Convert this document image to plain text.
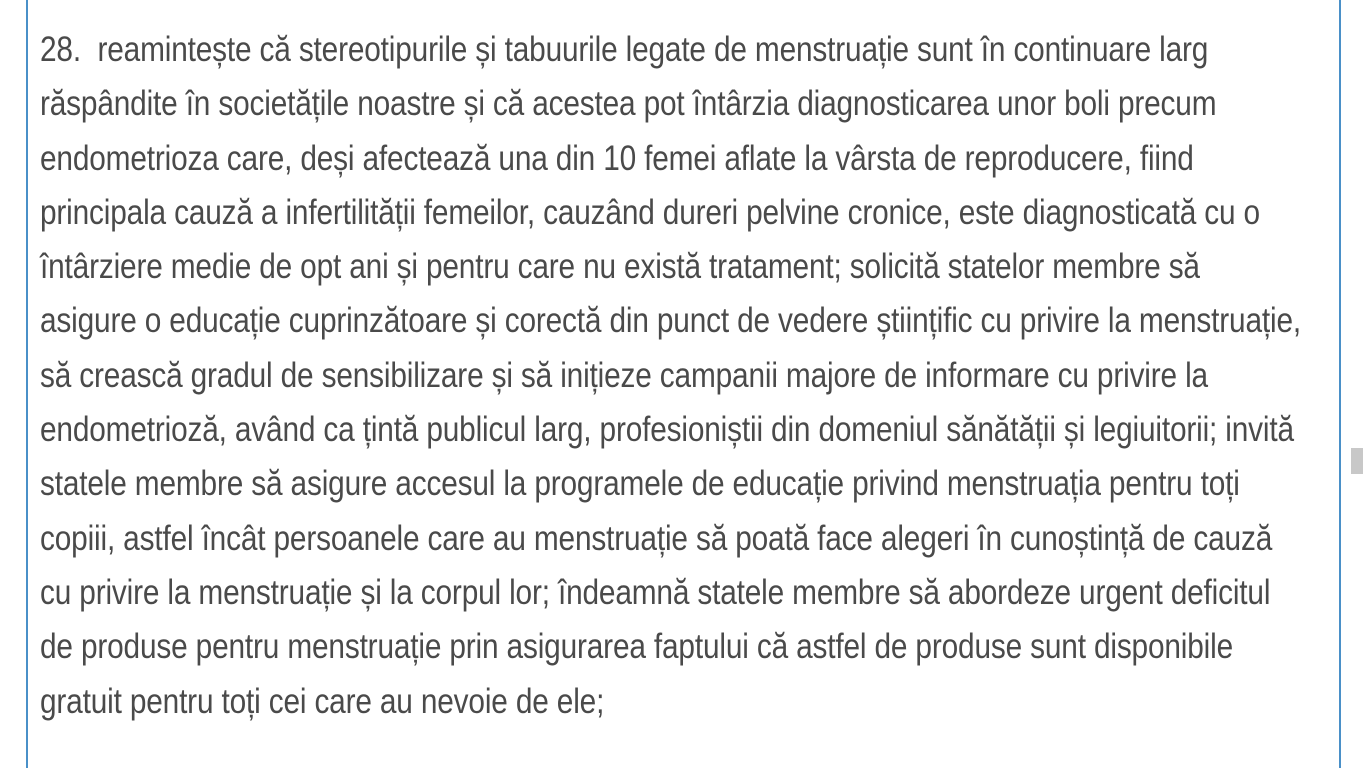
28. reamintește că stereotipurile și tabuurile legate de menstruație sunt în continuare larg
răspândite în societățile noastre și că acestea pot întârzia diagnosticarea unor boli precum
endometrioza care, deși afectează una din 10 femei aflate la vârsta de reproducere, fiind
principala cauză a infertilității femeilor, cauzând dureri pelvine cronice, este diagnosticată cu o
întârziere medie de opt ani și pentru care nu există tratament; solicită statelor membre să
asigure o educație cuprinzătoare și corectă din punct de vedere științific cu privire la menstruație,
să crească gradul de sensibilizare și să inițieze campanii majore de informare cu privire la
endometrioză, având ca țintă publicul larg, profesioniștii din domeniul sănătății și legiuitorii; invită
statele membre să asigure accesul la programele de educație privind menstruația pentru toți
copiii, astfel încât persoanele care au menstruație să poată face alegeri în cunoștință de cauză
cu privire la menstruație și la corpul lor; îndeamnă statele membre să abordeze urgent deficitul
de produse pentru menstruație prin asigurarea faptului că astfel de produse sunt disponibile
gratuit pentru toți cei care au nevoie de ele;
